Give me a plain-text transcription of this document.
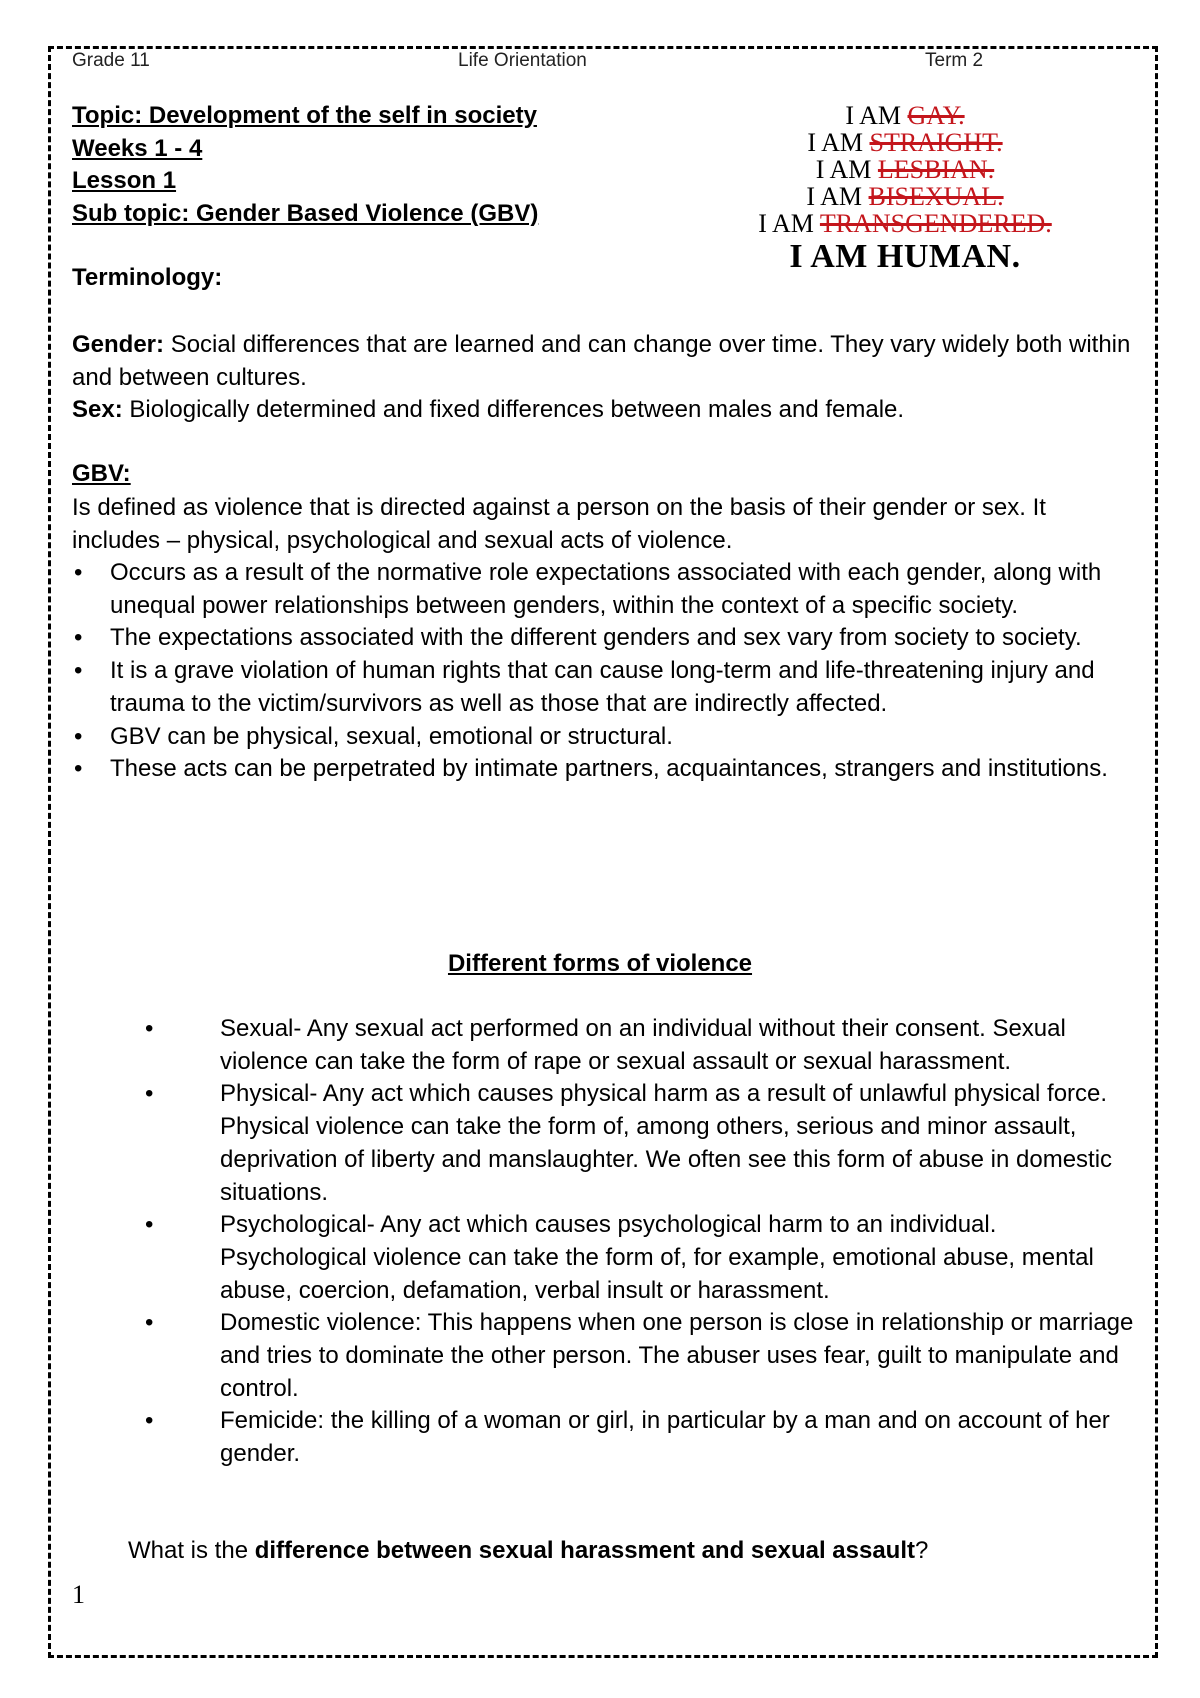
Grade 11	Life Orientation	Term 2
Topic: Development of the self in society
Weeks 1 - 4
Lesson 1
Sub topic: Gender Based Violence (GBV)
I AM GAY.
I AM STRAIGHT.
I AM LESBIAN.
I AM BISEXUAL.
I AM TRANSGENDERED.
I AM HUMAN.
Terminology:
Gender: Social differences that are learned and can change over time. They vary widely both within and between cultures.
Sex: Biologically determined and fixed differences between males and female.
GBV:
Is defined as violence that is directed against a person on the basis of their gender or sex. It includes – physical, psychological and sexual acts of violence.
• Occurs as a result of the normative role expectations associated with each gender, along with unequal power relationships between genders, within the context of a specific society.
• The expectations associated with the different genders and sex vary from society to society.
• It is a grave violation of human rights that can cause long-term and life-threatening injury and trauma to the victim/survivors as well as those that are indirectly affected.
• GBV can be physical, sexual, emotional or structural.
• These acts can be perpetrated by intimate partners, acquaintances, strangers and institutions.
Different forms of violence
•	Sexual- Any sexual act performed on an individual without their consent. Sexual violence can take the form of rape or sexual assault or sexual harassment.
•	Physical- Any act which causes physical harm as a result of unlawful physical force. Physical violence can take the form of, among others, serious and minor assault, deprivation of liberty and manslaughter. We often see this form of abuse in domestic situations.
•	Psychological- Any act which causes psychological harm to an individual. Psychological violence can take the form of, for example, emotional abuse, mental abuse, coercion, defamation, verbal insult or harassment.
•	Domestic violence: This happens when one person is close in relationship or marriage and tries to dominate the other person. The abuser uses fear, guilt to manipulate and control.
•	Femicide: the killing of a woman or girl, in particular by a man and on account of her gender.
What is the difference between sexual harassment and sexual assault?
1
